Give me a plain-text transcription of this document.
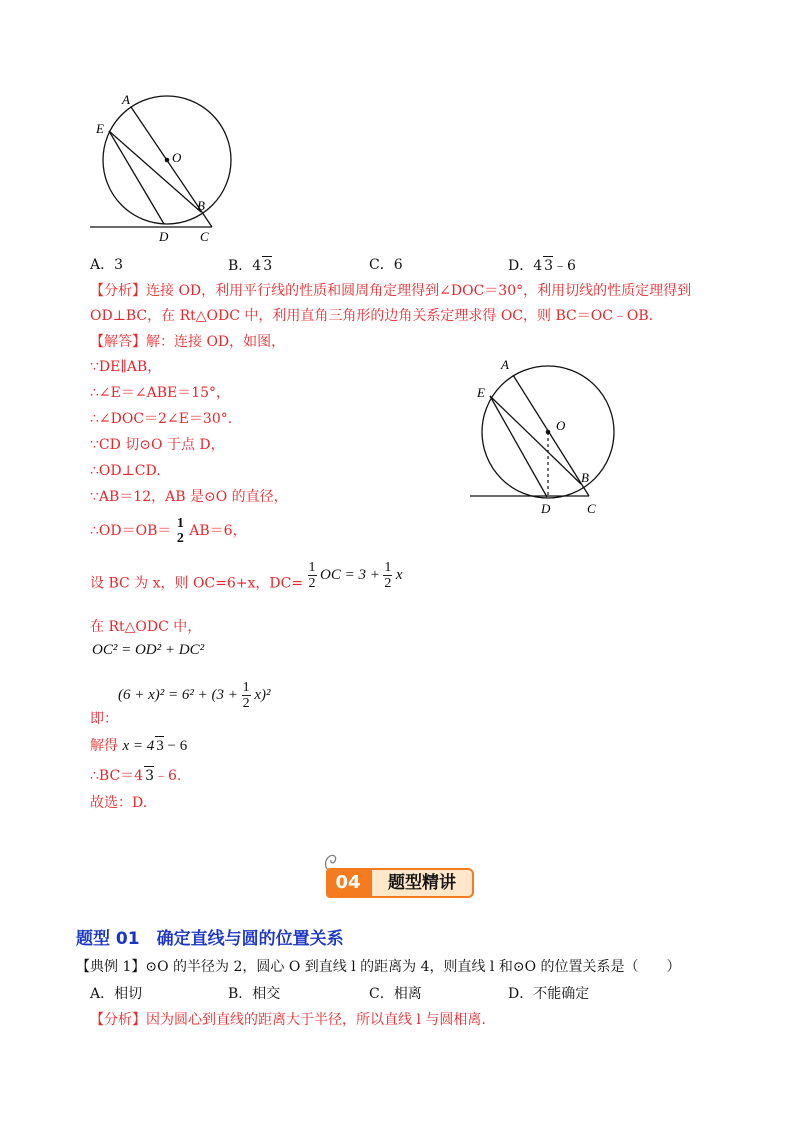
A
E
O
B
D C
A．3	B．4 3	C．6	D．4 3﹣6
【分析】连接 OD，利用平行线的性质和圆周角定理得到∠DOC＝30°，利用切线的性质定理得到
OD⊥BC，在 Rt△ODC 中，利用直角三角形的边角关系定理求得 OC，则 BC＝OC﹣OB.
【解答】解：连接 OD，如图，
∵DE∥AB，
∴∠E＝∠ABE＝15°，
∴∠DOC＝2∠E＝30°.
∵CD 切⊙O 于点 D，
∴OD⊥CD.
∵AB＝12，AB 是⊙O 的直径，
∴OD＝OB＝ 1
2 AB＝6，
设 BC 为 x，则 OC=6+x，$DC= \frac{1}{2}$ OC = $3 + \frac{1}{2}$ x
在 Rt△ODC 中，
OC² = OD² + DC²
$(6 + x)^2 = 6^2 + (3 + \frac{1}{2} x)^2$
即：
解得 x = 4 3 − 6
∴BC＝4 3﹣6.
故选：D.
A
E
O
B
D	C
04	题型精讲
题型 01　确定直线与圆的位置关系
【典例 1】⊙O 的半径为 2，圆心 O 到直线 l 的距离为 4，则直线 l 和⊙O 的位置关系是（　　）
A．相切	B．相交	C．相离	D．不能确定
【分析】因为圆心到直线的距离大于半径，所以直线 l 与圆相离.
